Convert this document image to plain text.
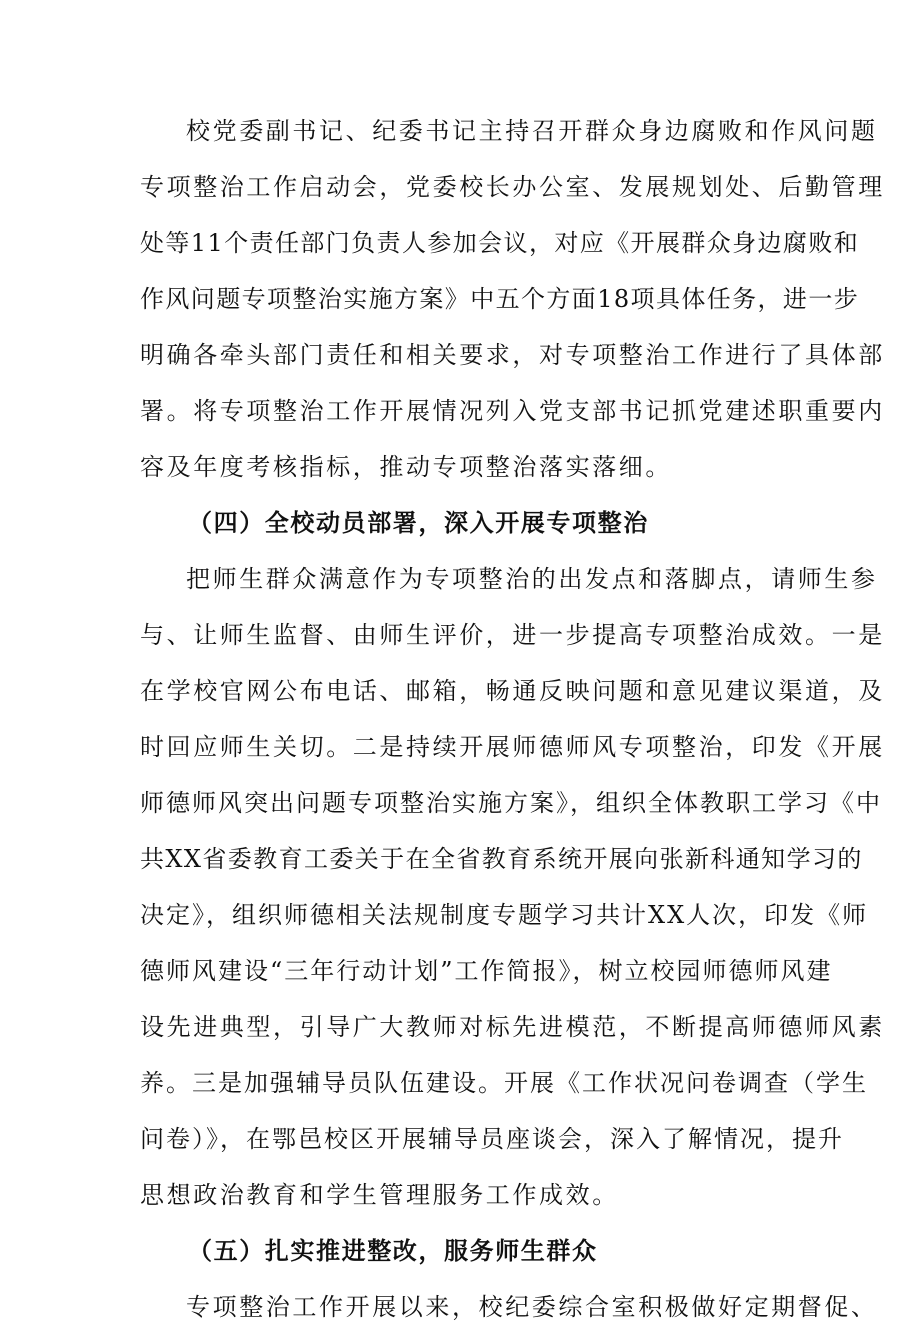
校党委副书记、纪委书记主持召开群众身边腐败和作风问题
专项整治工作启动会，党委校长办公室、发展规划处、后勤管理
处等11个责任部门负责人参加会议，对应《开展群众身边腐败和
作风问题专项整治实施方案》中五个方面18项具体任务，进一步
明确各牵头部门责任和相关要求，对专项整治工作进行了具体部
署。将专项整治工作开展情况列入党支部书记抓党建述职重要内
容及年度考核指标，推动专项整治落实落细。
（四）全校动员部署，深入开展专项整治
把师生群众满意作为专项整治的出发点和落脚点，请师生参
与、让师生监督、由师生评价，进一步提高专项整治成效。一是
在学校官网公布电话、邮箱，畅通反映问题和意见建议渠道，及
时回应师生关切。二是持续开展师德师风专项整治，印发《开展
师德师风突出问题专项整治实施方案》，组织全体教职工学习《中
共XX省委教育工委关于在全省教育系统开展向张新科通知学习的
决定》，组织师德相关法规制度专题学习共计XX人次，印发《师
德师风建设“三年行动计划”工作简报》，树立校园师德师风建
设先进典型，引导广大教师对标先进模范，不断提高师德师风素
养。三是加强辅导员队伍建设。开展《工作状况问卷调查（学生
问卷）》，在鄂邑校区开展辅导员座谈会，深入了解情况，提升
思想政治教育和学生管理服务工作成效。
（五）扎实推进整改，服务师生群众
专项整治工作开展以来，校纪委综合室积极做好定期督促、
